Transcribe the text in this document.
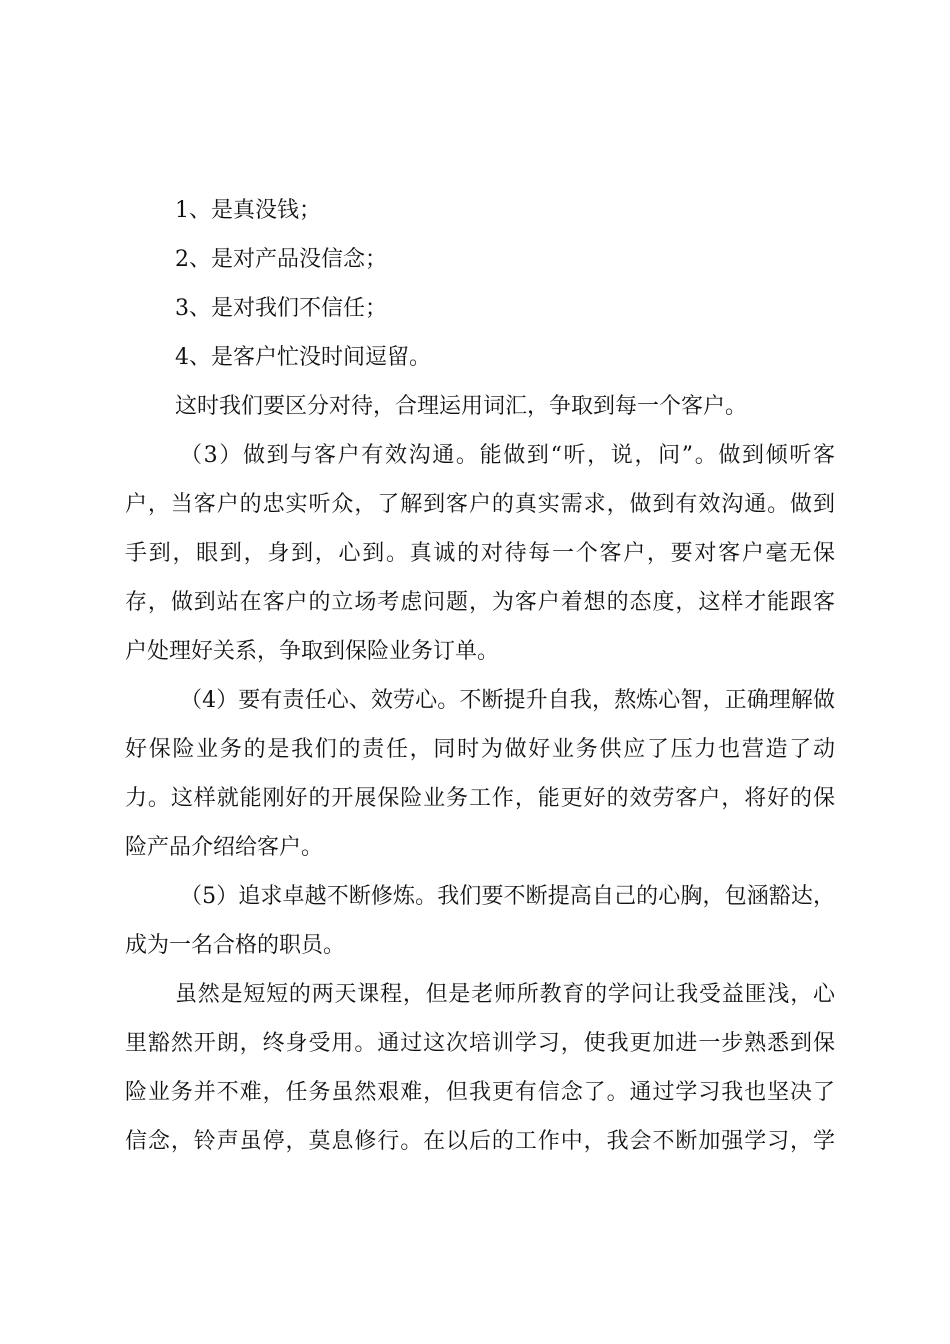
1、是真没钱；
2、是对产品没信念；
3、是对我们不信任；
4、是客户忙没时间逗留。
这时我们要区分对待，合理运用词汇，争取到每一个客户。
（3）做到与客户有效沟通。能做到“听，说，问”。做到倾听客
户，当客户的忠实听众，了解到客户的真实需求，做到有效沟通。做到
手到，眼到，身到，心到。真诚的对待每一个客户，要对客户毫无保
存，做到站在客户的立场考虑问题，为客户着想的态度，这样才能跟客
户处理好关系，争取到保险业务订单。
（4）要有责任心、效劳心。不断提升自我，熬炼心智，正确理解做
好保险业务的是我们的责任，同时为做好业务供应了压力也营造了动
力。这样就能刚好的开展保险业务工作，能更好的效劳客户，将好的保
险产品介绍给客户。
（5）追求卓越不断修炼。我们要不断提高自己的心胸，包涵豁达，
成为一名合格的职员。
虽然是短短的两天课程，但是老师所教育的学问让我受益匪浅，心
里豁然开朗，终身受用。通过这次培训学习，使我更加进一步熟悉到保
险业务并不难，任务虽然艰难，但我更有信念了。通过学习我也坚决了
信念，铃声虽停，莫息修行。在以后的工作中，我会不断加强学习，学
